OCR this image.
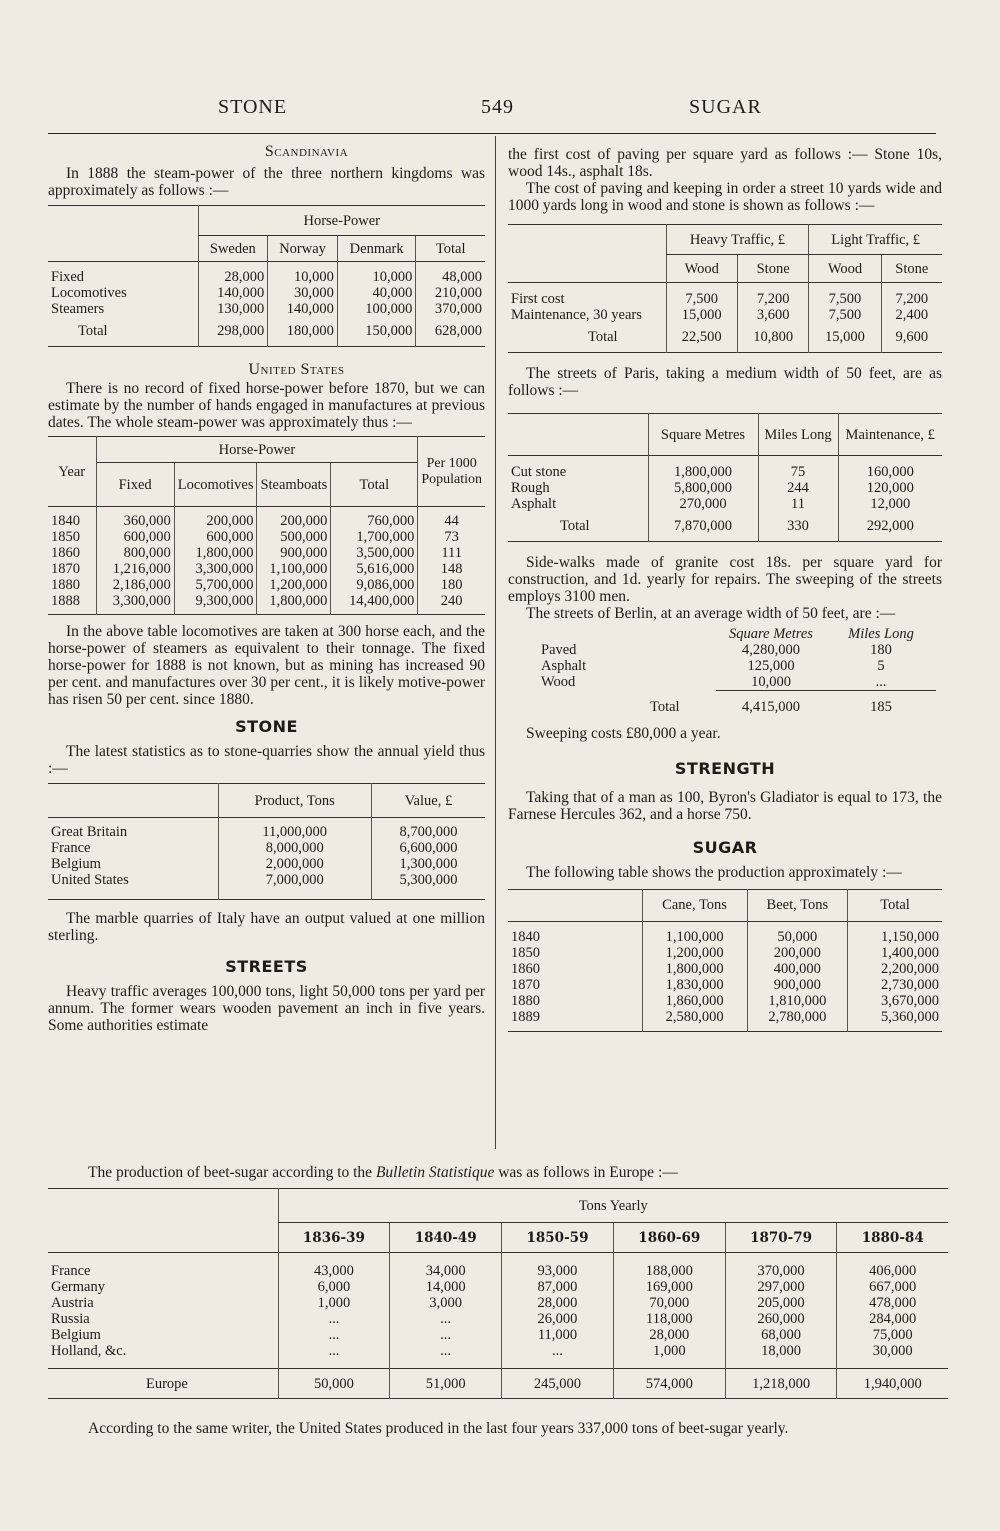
STONE	549	SUGAR
Scandinavia

In 1888 the steam-power of the three northern kingdoms was approximately as follows :—

	Horse-Power			
	Sweden	Norway	Denmark	Total

Fixed	28,000	10,000	10,000	48,000
Locomotives	140,000	30,000	40,000	210,000
Steamers	130,000	140,000	100,000	370,000
Total	298,000	180,000	150,000	628,000
United States

There is no record of fixed horse-power before 1870, but we can estimate by the number of hands engaged in manufactures at previous dates. The whole steam-power was approximately thus :—

Year	Horse-Power				Per 1000 Population
	Fixed	Locomotives	Steamboats	Total	

1840	360,000	200,000	200,000	760,000	44
1850	600,000	600,000	500,000	1,700,000	73
1860	800,000	1,800,000	900,000	3,500,000	111
1870	1,216,000	3,300,000	1,100,000	5,616,000	148
1880	2,186,000	5,700,000	1,200,000	9,086,000	180
1888	3,300,000	9,300,000	1,800,000	14,400,000	240

In the above table locomotives are taken at 300 horse each, and the horse-power of steamers as equivalent to their tonnage. The fixed horse-power for 1888 is not known, but as mining has increased 90 per cent. and manufactures over 30 per cent., it is likely motive-power has risen 50 per cent. since 1880.

STONE

The latest statistics as to stone-quarries show the annual yield thus :—

	Product, Tons	Value, £

Great Britain	11,000,000	8,700,000
France	8,000,000	6,600,000
Belgium	2,000,000	1,300,000
United States	7,000,000	5,300,000

The marble quarries of Italy have an output valued at one million sterling.

STREETS

Heavy traffic averages 100,000 tons, light 50,000 tons per yard per annum. The former wears wooden pavement an inch in five years. Some authorities estimate

the first cost of paving per square yard as follows :— Stone 10s, wood 14s., asphalt 18s.

The cost of paving and keeping in order a street 10 yards wide and 1000 yards long in wood and stone is shown as follows :—

	Heavy Traffic, £		Light Traffic, £	
	Wood	Stone	Wood	Stone

First cost	7,500	7,200	7,500	7,200
Maintenance, 30 years	15,000	3,600	7,500	2,400
Total	22,500	10,800	15,000	9,600

The streets of Paris, taking a medium width of 50 feet, are as follows :—

	Square Metres	Miles Long	Maintenance, £

Cut stone	1,800,000	75	160,000
Rough	5,800,000	244	120,000
Asphalt	270,000	11	12,000
Total	7,870,000	330	292,000

Side-walks made of granite cost 18s. per square yard for construction, and 1d. yearly for repairs. The sweeping of the streets employs 3100 men.

The streets of Berlin, at an average width of 50 feet, are :—

	Square Metres	Miles Long
Paved	4,280,000	180
Asphalt	125,000	5
Wood	10,000	...
Total	4,415,000	185

Sweeping costs £80,000 a year.

STRENGTH

Taking that of a man as 100, Byron's Gladiator is equal to 173, the Farnese Hercules 362, and a horse 750.

SUGAR

The following table shows the production approximately :—

	Cane, Tons	Beet, Tons	Total

1840	1,100,000	50,000	1,150,000
1850	1,200,000	200,000	1,400,000
1860	1,800,000	400,000	2,200,000
1870	1,830,000	900,000	2,730,000
1880	1,860,000	1,810,000	3,670,000
1889	2,580,000	2,780,000	5,360,000

The production of beet-sugar according to the Bulletin Statistique was as follows in Europe :—

	Tons Yearly					
	1836-39	1840-49	1850-59	1860-69	1870-79	1880-84

France	43,000	34,000	93,000	188,000	370,000	406,000
Germany	6,000	14,000	87,000	169,000	297,000	667,000
Austria	1,000	3,000	28,000	70,000	205,000	478,000
Russia	...	...	26,000	118,000	260,000	284,000
Belgium	...	...	11,000	28,000	68,000	75,000
Holland, &c.	...	...	...	1,000	18,000	30,000

Europe	50,000	51,000	245,000	574,000	1,218,000	1,940,000

According to the same writer, the United States produced in the last four years 337,000 tons of beet-sugar yearly.
